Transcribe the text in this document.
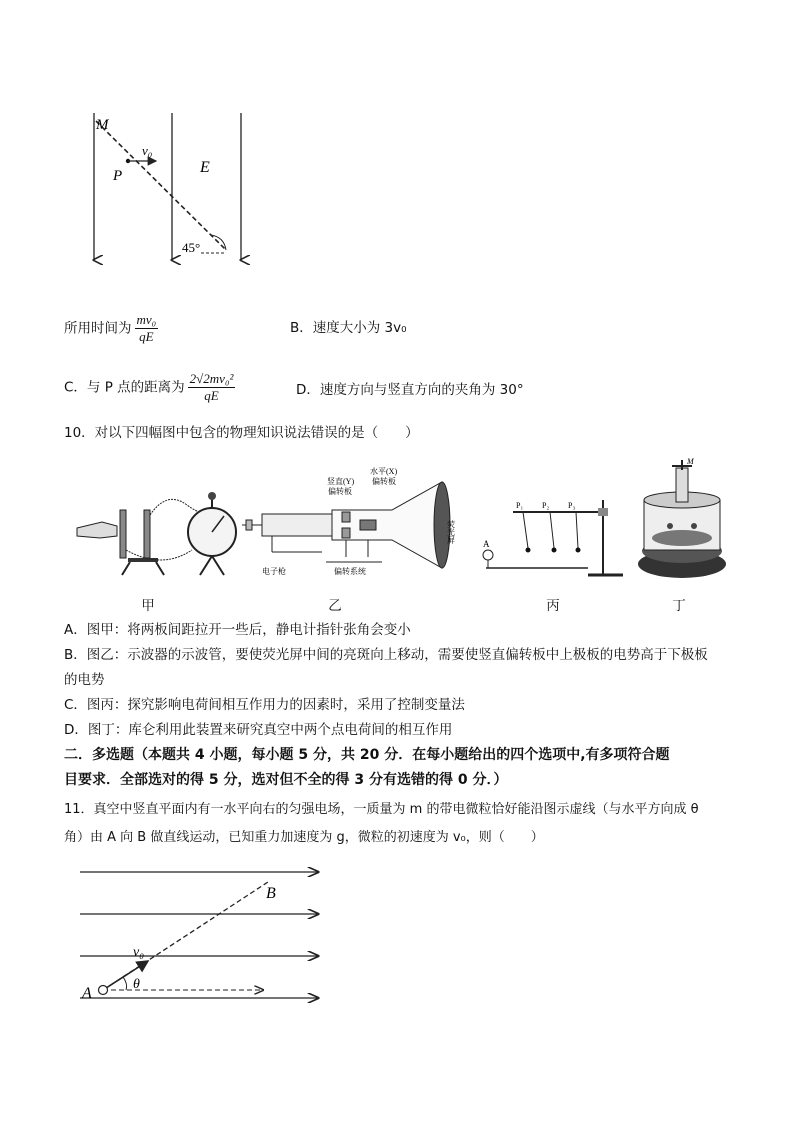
M
P
v₀
E
45°
所用时间为 $\frac{\text{mv₀}}{qE}$	B．速度大小为 3v₀
C．与 P 点的距离为 $\frac{\text{2√2mv₀²}}{qE}$	D．速度方向与竖直方向的夹角为 30°
10．对以下四幅图中包含的物理知识说法错误的是（　　）
竖直(Y)
偏转板
水平(X)
偏转板
荧光屏
电子枪	偏转系统
A
P₁ P₂ P₃
M
甲	乙	丙	丁
A．图甲：将两板间距拉开一些后，静电计指针张角会变小
B．图乙：示波器的示波管，要使荧光屏中间的亮斑向上移动，需要使竖直偏转板中上极板的电势高于下极板
的电势
C．图丙：探究影响电荷间相互作用力的因素时，采用了控制变量法
D．图丁：库仑利用此装置来研究真空中两个点电荷间的相互作用
二．多选题（本题共 4 小题，每小题 5 分，共 20 分．在每小题给出的四个选项中,有多项符合题
目要求．全部选对的得 5 分，选对但不全的得 3 分有选错的得 0 分．）
11．真空中竖直平面内有一水平向右的匀强电场，一质量为 m 的带电微粒恰好能沿图示虚线（与水平方向成 θ
角）由 A 向 B 做直线运动，已知重力加速度为 g，微粒的初速度为 v₀，则（　　）
A
B
v₀
θ
